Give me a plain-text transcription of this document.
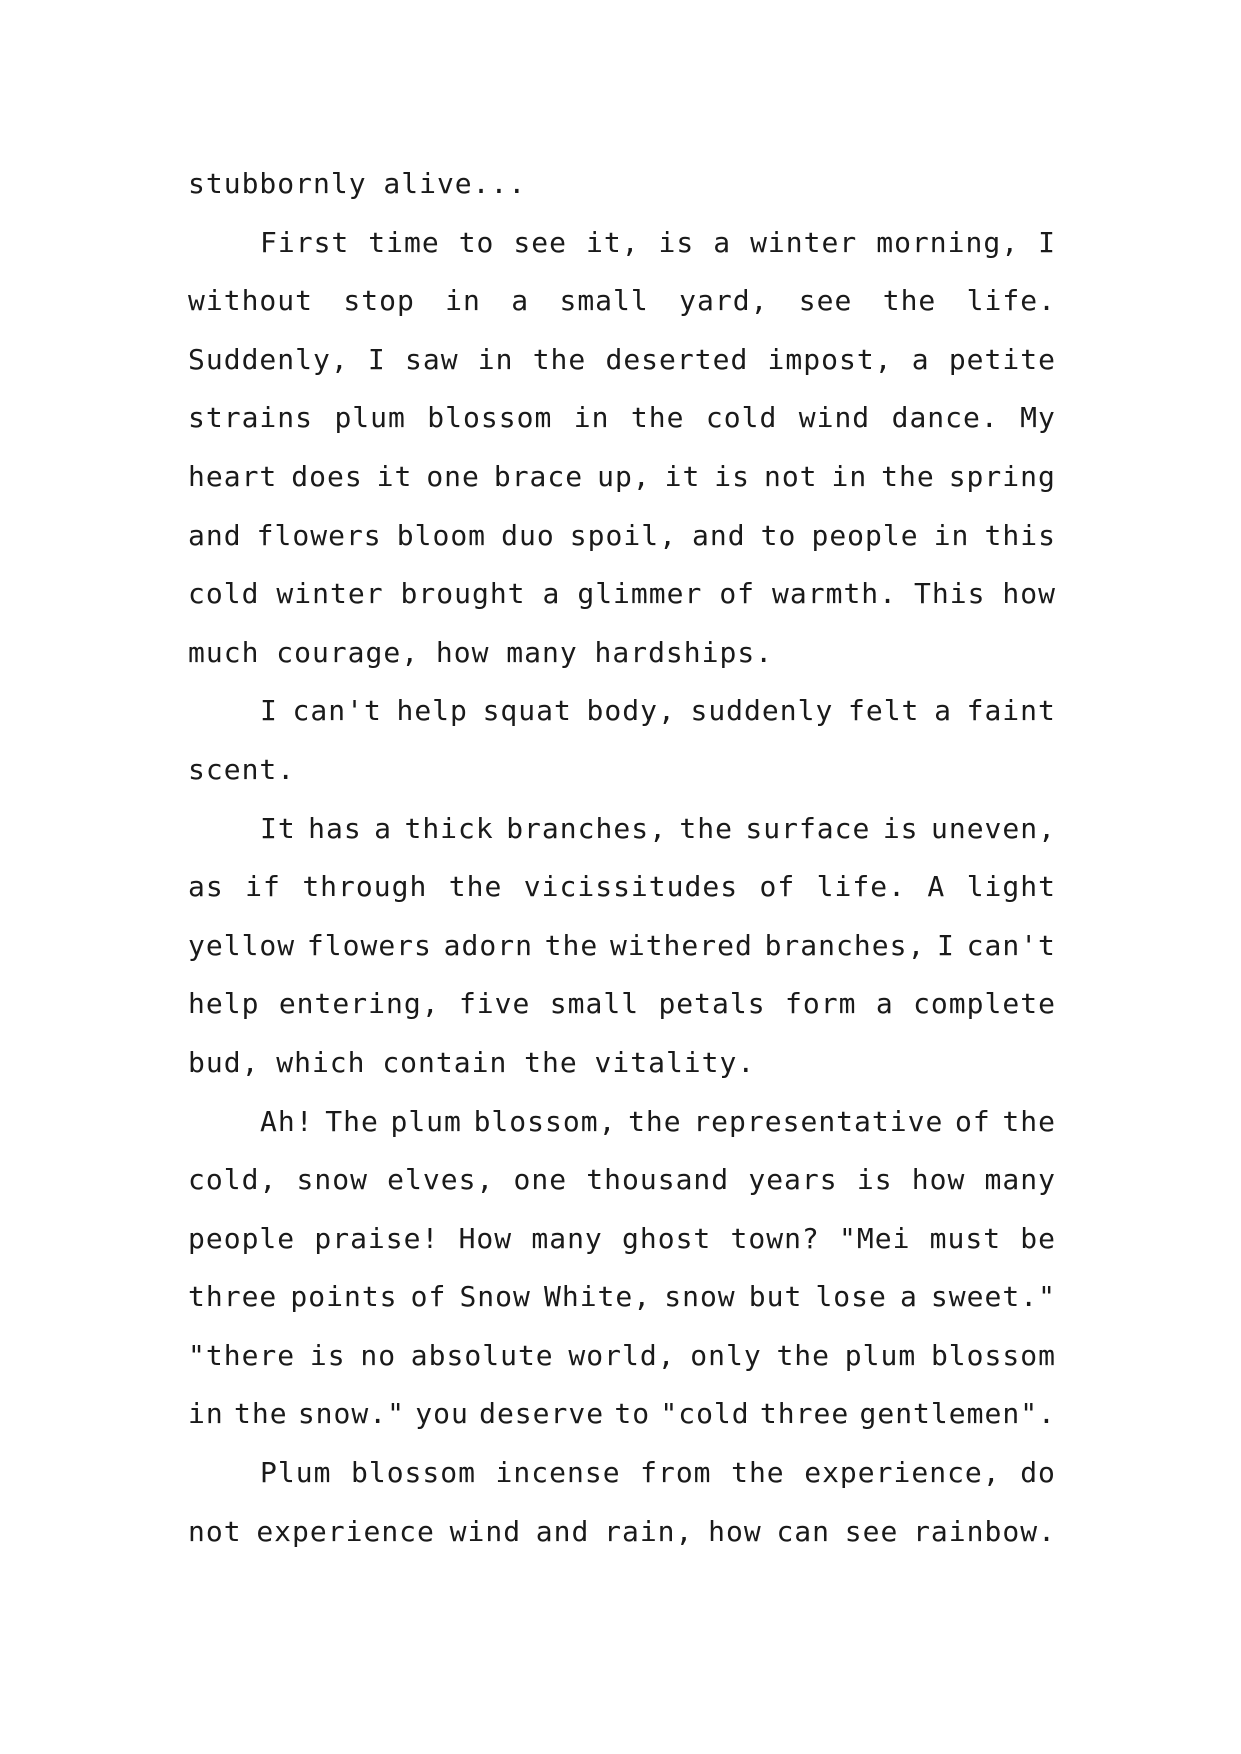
stubbornly alive...
First time to see it, is a winter morning, I
without stop in a small yard, see the life.
Suddenly, I saw in the deserted impost, a petite
strains plum blossom in the cold wind dance. My
heart does it one brace up, it is not in the spring
and flowers bloom duo spoil, and to people in this
cold winter brought a glimmer of warmth. This how
much courage, how many hardships.
I can't help squat body, suddenly felt a faint
scent.
It has a thick branches, the surface is uneven,
as if through the vicissitudes of life. A light
yellow flowers adorn the withered branches, I can't
help entering, five small petals form a complete
bud, which contain the vitality.
Ah! The plum blossom, the representative of the
cold, snow elves, one thousand years is how many
people praise! How many ghost town? "Mei must be
three points of Snow White, snow but lose a sweet."
"there is no absolute world, only the plum blossom
in the snow." you deserve to "cold three gentlemen".
Plum blossom incense from the experience, do
not experience wind and rain, how can see rainbow.
